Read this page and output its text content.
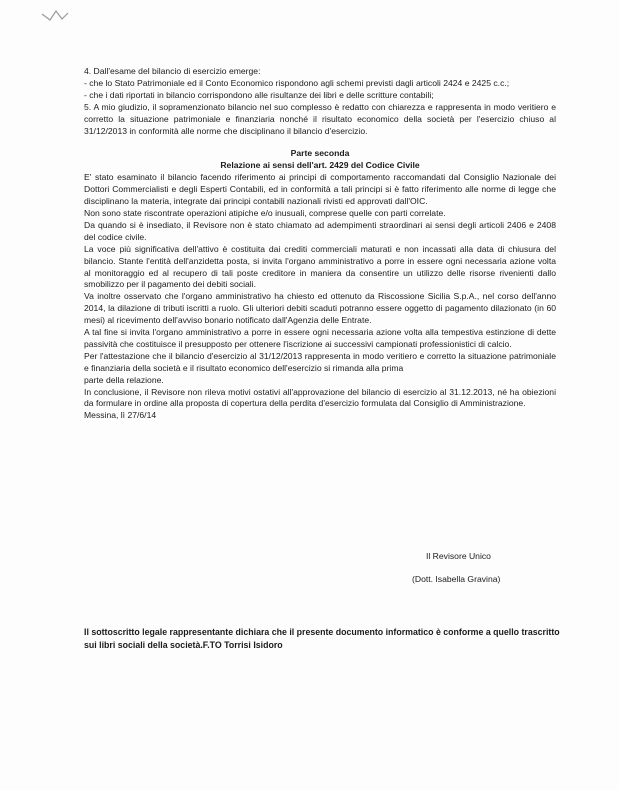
4. Dall'esame del bilancio di esercizio emerge:

- che lo Stato Patrimoniale ed il Conto Economico rispondono agli schemi previsti dagli articoli 2424 e 2425 c.c.;

- che i dati riportati in bilancio corrispondono alle risultanze dei libri e delle scritture contabili;

5. A mio giudizio, il sopramenzionato bilancio nel suo complesso è redatto con chiarezza e rappresenta in modo veritiero e corretto la situazione patrimoniale e finanziaria nonché il risultato economico della società per l'esercizio chiuso al 31/12/2013 in conformità alle norme che disciplinano il bilancio d'esercizio.

Parte seconda

Relazione ai sensi dell'art. 2429 del Codice Civile

E' stato esaminato il bilancio facendo riferimento ai principi di comportamento raccomandati dal Consiglio Nazionale dei Dottori Commercialisti e degli Esperti Contabili, ed in conformità a tali principi si è fatto riferimento alle norme di legge che disciplinano la materia, integrate dai principi contabili nazionali rivisti ed approvati dall'OIC.

Non sono state riscontrate operazioni atipiche e/o inusuali, comprese quelle con parti correlate.

Da quando si è insediato, il Revisore non è stato chiamato ad adempimenti straordinari ai sensi degli articoli 2406 e 2408 del codice civile.

La voce più significativa dell'attivo è costituita dai crediti commerciali maturati e non incassati alla data di chiusura del bilancio. Stante l'entità dell'anzidetta posta, si invita l'organo amministrativo a porre in essere ogni necessaria azione volta al monitoraggio ed al recupero di tali poste creditore in maniera da consentire un utilizzo delle risorse rivenienti dallo smobilizzo per il pagamento dei debiti sociali.

Va inoltre osservato che l'organo amministrativo ha chiesto ed ottenuto da Riscossione Sicilia S.p.A., nel corso dell'anno 2014, la dilazione di tributi iscritti a ruolo. Gli ulteriori debiti scaduti potranno essere oggetto di pagamento dilazionato (in 60 mesi) al ricevimento dell'avviso bonario notificato dall'Agenzia delle Entrate.

A tal fine si invita l'organo amministrativo a porre in essere ogni necessaria azione volta alla tempestiva estinzione di dette passività che costituisce il presupposto per ottenere l'iscrizione ai successivi campionati professionistici di calcio.

Per l'attestazione che il bilancio d'esercizio al 31/12/2013 rappresenta in modo veritiero e corretto la situazione patrimoniale e finanziaria della società e il risultato economico dell'esercizio si rimanda alla prima

parte della relazione.

In conclusione, il Revisore non rileva motivi ostativi all'approvazione del bilancio di esercizio al 31.12.2013, né ha obiezioni da formulare in ordine alla proposta di copertura della perdita d'esercizio formulata dal Consiglio di Amministrazione.

Messina, lì 27/6/14

Il Revisore Unico
(Dott. Isabella Gravina)

Il sottoscritto legale rappresentante dichiara che il presente documento informatico è conforme a quello trascritto sui libri sociali della società.F.TO Torrisi Isidoro
